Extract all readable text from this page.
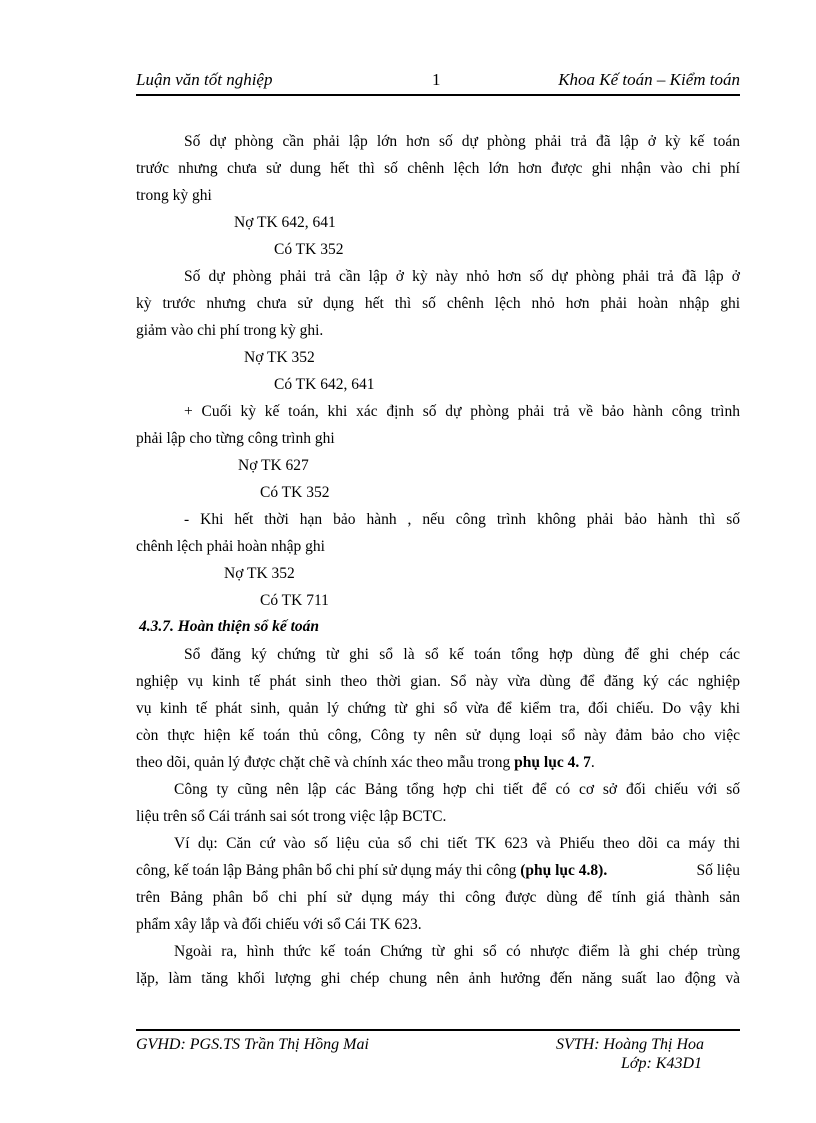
Luận văn tốt nghiệp	1	Khoa Kế toán – Kiểm toán
Số dự phòng cần phải lập lớn hơn số dự phòng phải trả đã lập ở kỳ kế toán
trước nhưng chưa sử dung hết thì số chênh lệch lớn hơn được ghi nhận vào chi phí
trong kỳ ghi
Nợ TK 642, 641
Có TK 352
Số dự phòng phải trả cần lập ở kỳ này nhỏ hơn số dự phòng phải trả đã lập ở
kỳ trước nhưng chưa sử dụng hết thì số chênh lệch nhỏ hơn phải hoàn nhập ghi
giảm vào chi phí trong kỳ ghi.
Nợ TK 352
Có TK 642, 641
+ Cuối kỳ kế toán, khi xác định số dự phòng phải trả về bảo hành công trình
phải lập cho từng công trình ghi
Nợ TK 627
Có TK 352
- Khi hết thời hạn bảo hành , nếu công trình không phải bảo hành thì số
chênh lệch phải hoàn nhập ghi
Nợ TK 352
Có TK 711
4.3.7. Hoàn thiện sổ kế toán
Sổ đăng ký chứng từ ghi sổ là sổ kế toán tổng hợp dùng để ghi chép các
nghiệp vụ kinh tế phát sinh theo thời gian. Sổ này vừa dùng để đăng ký các nghiệp
vụ kinh tế phát sinh, quản lý chứng từ ghi sổ vừa để kiểm tra, đối chiếu. Do vậy khi
còn thực hiện kế toán thủ công, Công ty nên sử dụng loại sổ này đảm bảo cho việc
theo dõi, quản lý được chặt chẽ và chính xác theo mẫu trong phụ lục 4. 7.
Công ty cũng nên lập các Bảng tổng hợp chi tiết để có cơ sở đối chiếu với số
liệu trên sổ Cái tránh sai sót trong việc lập BCTC.
Ví dụ: Căn cứ vào số liệu của sổ chi tiết TK 623 và Phiếu theo dõi ca máy thi
công, kế toán lập Bảng phân bổ chi phí sử dụng máy thi công (phụ lục 4.8).	Số liệu
trên Bảng phân bổ chi phí sử dụng máy thi công được dùng để tính giá thành sản
phẩm xây lắp và đối chiếu với sổ Cái TK 623.
Ngoài ra, hình thức kế toán Chứng từ ghi sổ có nhược điểm là ghi chép trùng
lặp, làm tăng khối lượng ghi chép chung nên ảnh hưởng đến năng suất lao động và
GVHD: PGS.TS Trần Thị Hồng Mai	SVTH: Hoàng Thị Hoa
Lớp: K43D1
